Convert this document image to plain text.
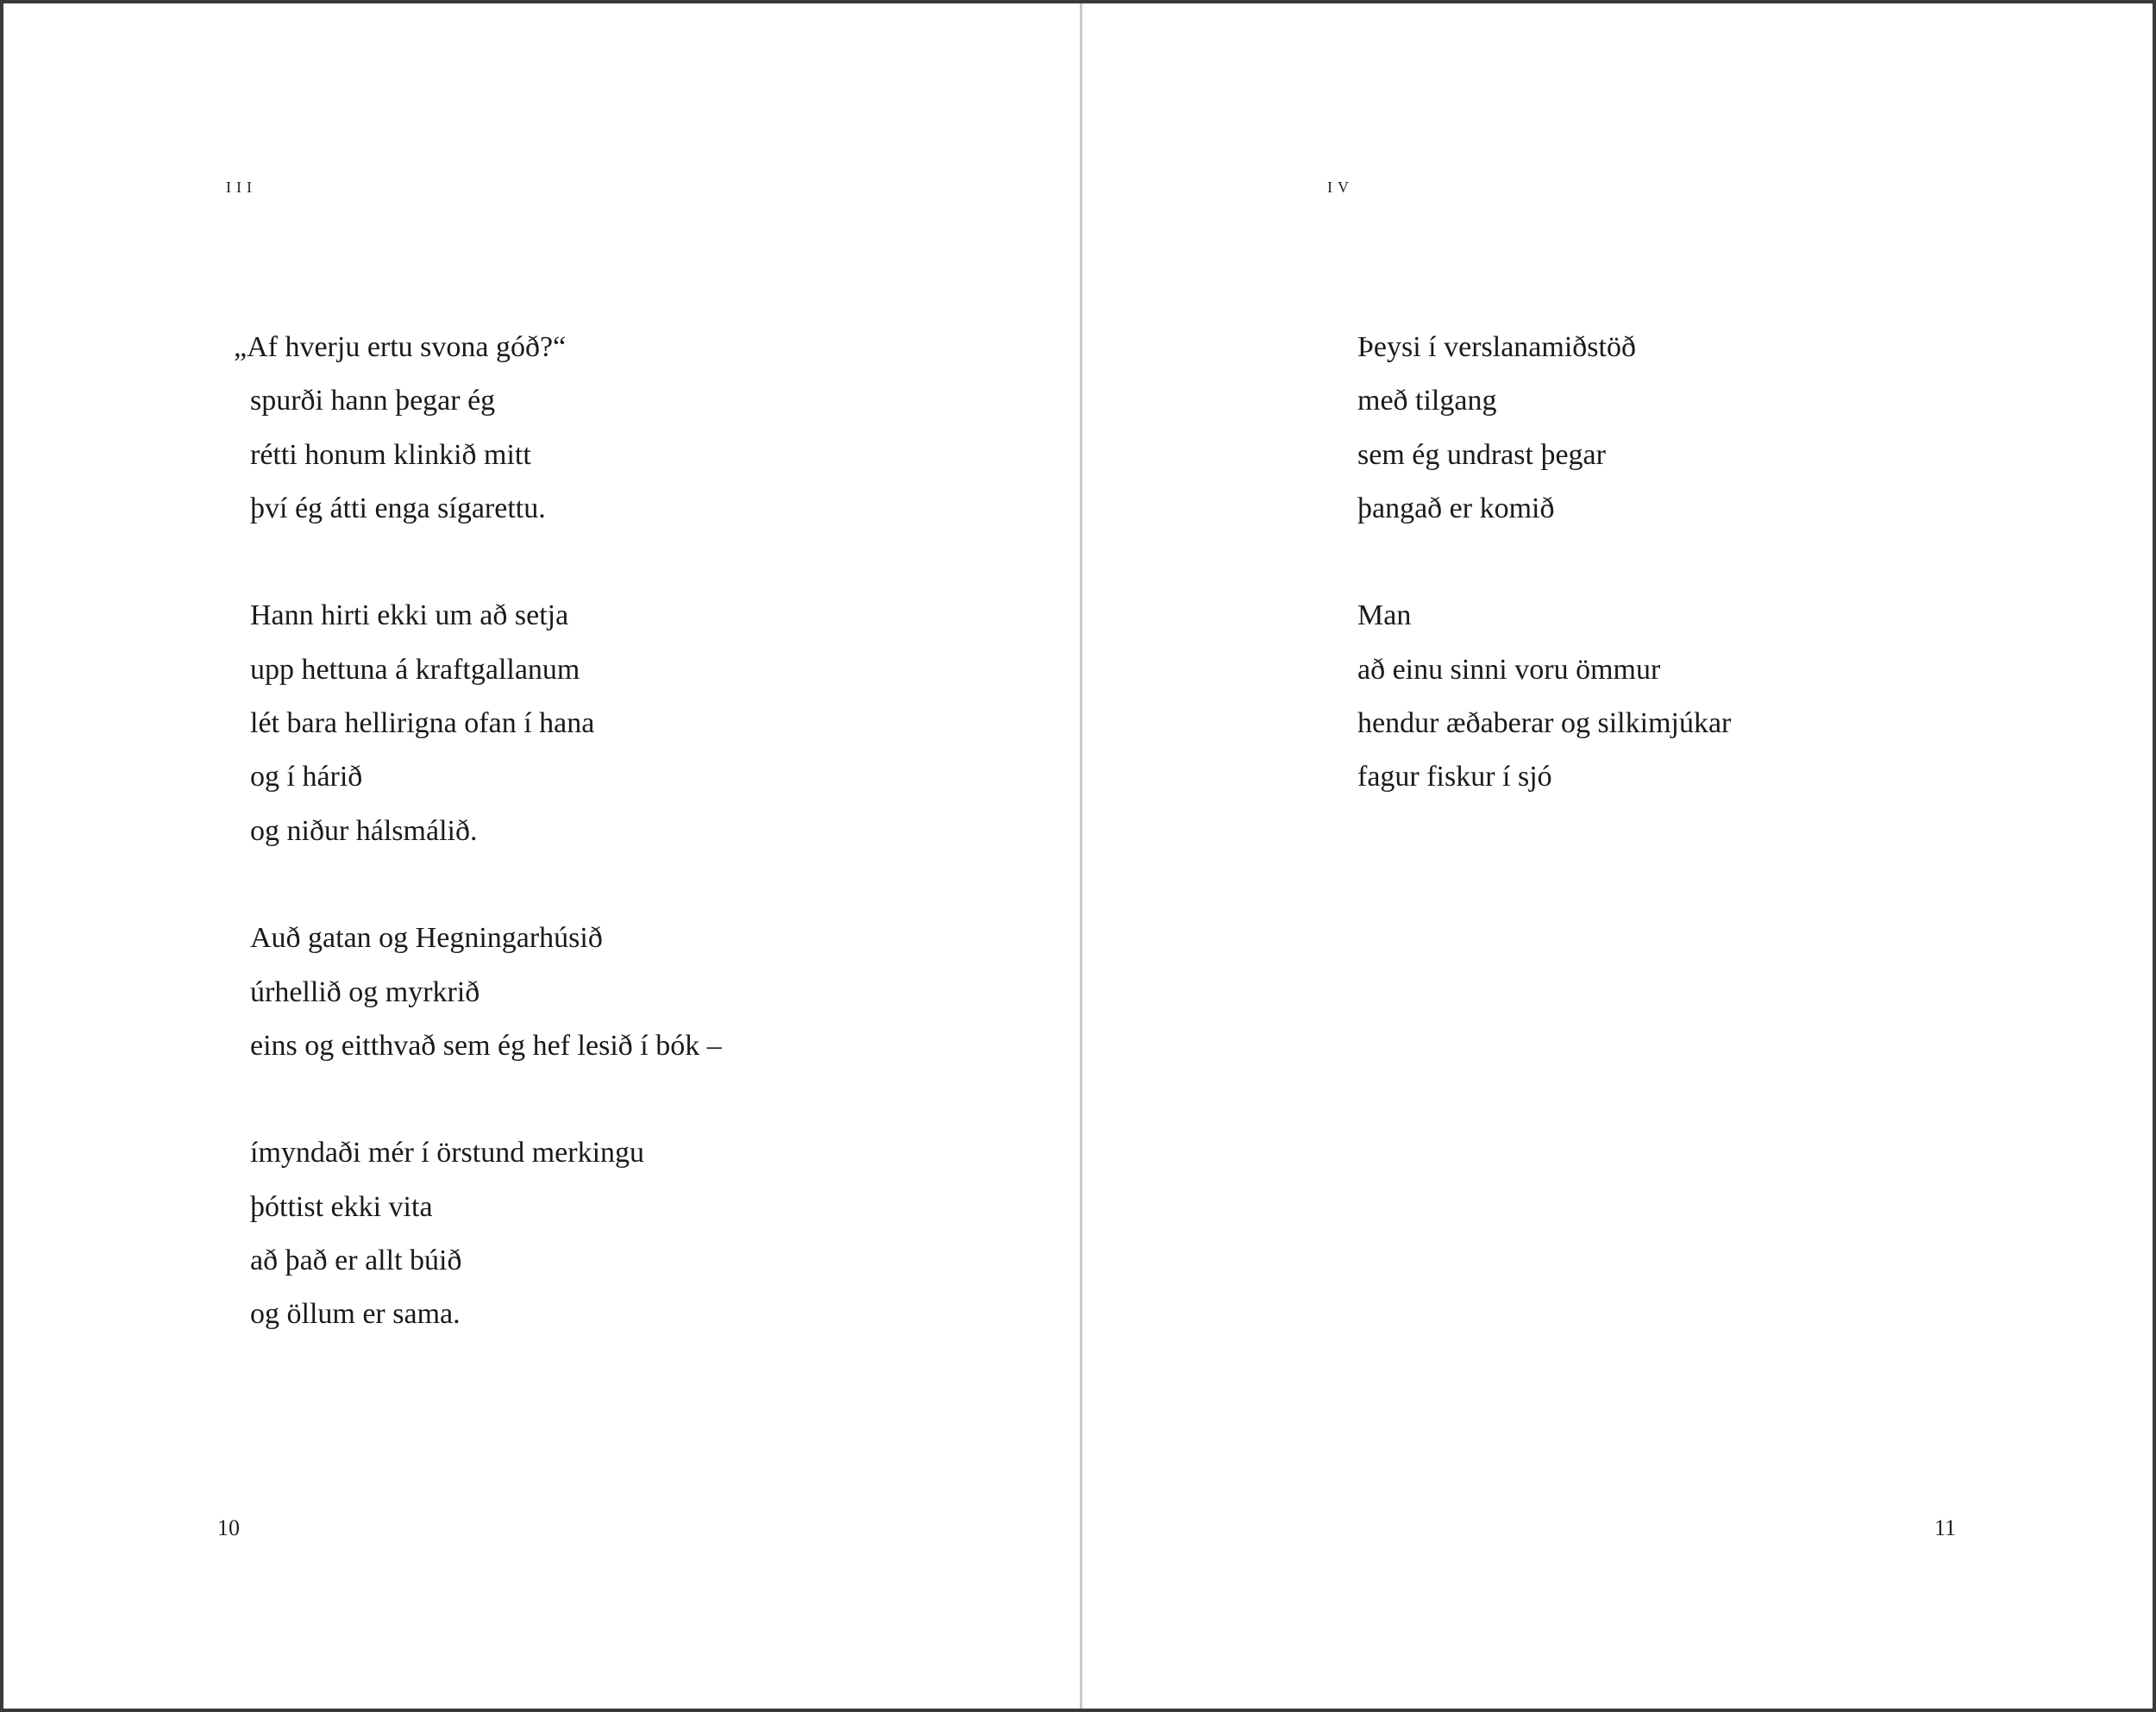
iii
„Af hverju ertu svona góð?“
spurði hann þegar ég
rétti honum klinkið mitt
því ég átti enga sígarettu.
Hann hirti ekki um að setja
upp hettuna á kraftgallanum
lét bara hellirigna ofan í hana
og í hárið
og niður hálsmálið.
Auð gatan og Hegningarhúsið
úrhellið og myrkrið
eins og eitthvað sem ég hef lesið í bók –
ímyndaði mér í örstund merkingu
þóttist ekki vita
að það er allt búið
og öllum er sama.
10
iv
Þeysi í verslanamiðstöð
með tilgang
sem ég undrast þegar
þangað er komið
Man
að einu sinni voru ömmur
hendur æðaberar og silkimjúkar
fagur fiskur í sjó
11
